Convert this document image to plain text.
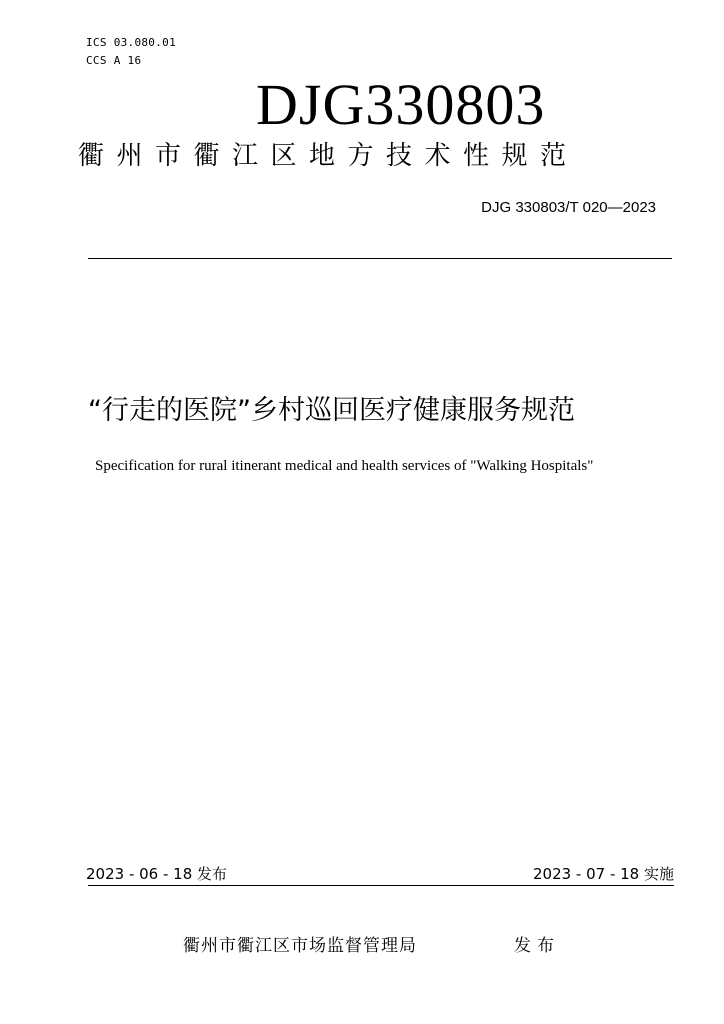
ICS 03.080.01
CCS A 16
DJG330803
衢州市衢江区地方技术性规范
DJG 330803/T 020—2023
“行走的医院”乡村巡回医疗健康服务规范
Specification for rural itinerant medical and health services of "Walking Hospitals"
2023 - 06 - 18 发布	2023 - 07 - 18 实施
衢州市衢江区市场监督管理局	发布
